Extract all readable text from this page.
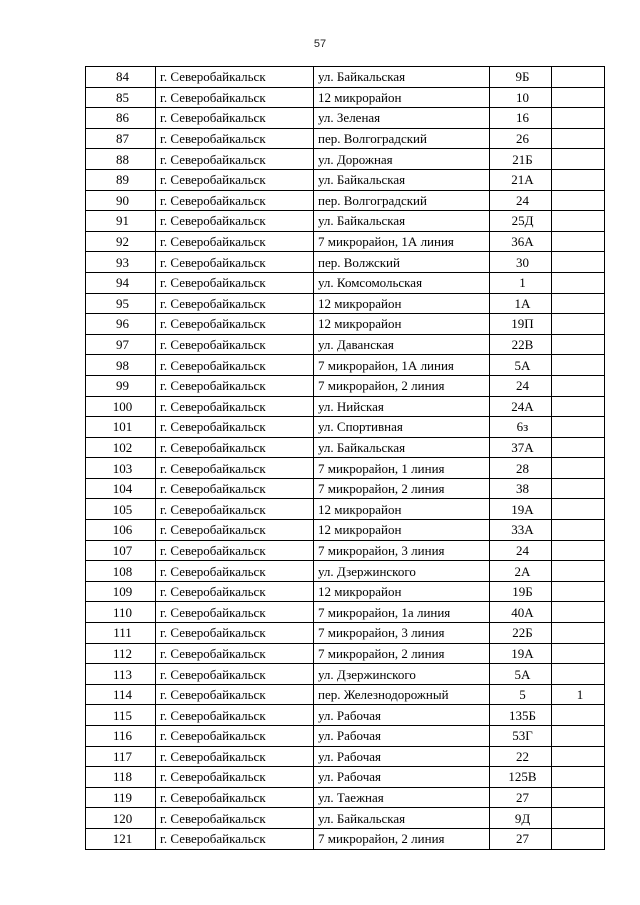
57
84	г. Северобайкальск	ул. Байкальская	9Б	
85	г. Северобайкальск	12 микрорайон	10	
86	г. Северобайкальск	ул. Зеленая	16	
87	г. Северобайкальск	пер. Волгоградский	26	
88	г. Северобайкальск	ул. Дорожная	21Б	
89	г. Северобайкальск	ул. Байкальская	21А	
90	г. Северобайкальск	пер. Волгоградский	24	
91	г. Северобайкальск	ул. Байкальская	25Д	
92	г. Северобайкальск	7 микрорайон, 1А линия	36А	
93	г. Северобайкальск	пер. Волжский	30	
94	г. Северобайкальск	ул. Комсомольская	1	
95	г. Северобайкальск	12 микрорайон	1А	
96	г. Северобайкальск	12 микрорайон	19П	
97	г. Северобайкальск	ул. Даванская	22В	
98	г. Северобайкальск	7 микрорайон, 1А линия	5А	
99	г. Северобайкальск	7 микрорайон, 2 линия	24	
100	г. Северобайкальск	ул. Нийская	24А	
101	г. Северобайкальск	ул. Спортивная	6з	
102	г. Северобайкальск	ул. Байкальская	37А	
103	г. Северобайкальск	7 микрорайон, 1 линия	28	
104	г. Северобайкальск	7 микрорайон, 2 линия	38	
105	г. Северобайкальск	12 микрорайон	19А	
106	г. Северобайкальск	12 микрорайон	33А	
107	г. Северобайкальск	7 микрорайон, 3 линия	24	
108	г. Северобайкальск	ул. Дзержинского	2А	
109	г. Северобайкальск	12 микрорайон	19Б	
110	г. Северобайкальск	7 микрорайон, 1а линия	40А	
111	г. Северобайкальск	7 микрорайон, 3 линия	22Б	
112	г. Северобайкальск	7 микрорайон, 2 линия	19А	
113	г. Северобайкальск	ул. Дзержинского	5А	
114	г. Северобайкальск	пер. Железнодорожный	5	1
115	г. Северобайкальск	ул. Рабочая	135Б	
116	г. Северобайкальск	ул. Рабочая	53Г	
117	г. Северобайкальск	ул. Рабочая	22	
118	г. Северобайкальск	ул. Рабочая	125В	
119	г. Северобайкальск	ул. Таежная	27	
120	г. Северобайкальск	ул. Байкальская	9Д	
121	г. Северобайкальск	7 микрорайон, 2 линия	27	
